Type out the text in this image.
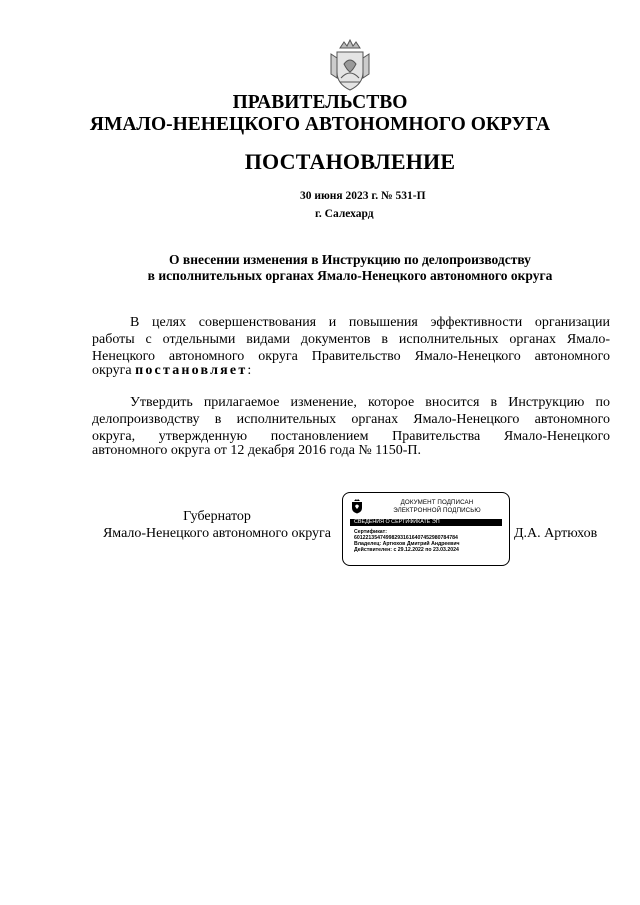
ПРАВИТЕЛЬСТВО
ЯМАЛО-НЕНЕЦКОГО АВТОНОМНОГО ОКРУГА
ПОСТАНОВЛЕНИЕ
30 июня 2023 г. № 531-П
г. Салехард
О внесении изменения в Инструкцию по делопроизводству
в исполнительных органах Ямало-Ненецкого автономного округа
В целях совершенствования и повышения эффективности организации
работы с отдельными видами документов в исполнительных органах Ямало-
Ненецкого автономного округа Правительство Ямало-Ненецкого автономного
округа постановляет:
Утвердить прилагаемое изменение, которое вносится в Инструкцию по
делопроизводству в исполнительных органах Ямало-Ненецкого автономного
округа, утвержденную постановлением Правительства Ямало-Ненецкого
автономного округа от 12 декабря 2016 года № 1150-П.
Губернатор
Ямало-Ненецкого автономного округа	Д.А. Артюхов
ДОКУМЕНТ ПОДПИСАН
ЭЛЕКТРОННОЙ ПОДПИСЬЮ
СВЕДЕНИЯ О СЕРТИФИКАТЕ ЭП
Сертификат:
601221354749982931616407452980784784
Владелец: Артюхов Дмитрий Андреевич
Действителен: с 29.12.2022 по 23.03.2024
